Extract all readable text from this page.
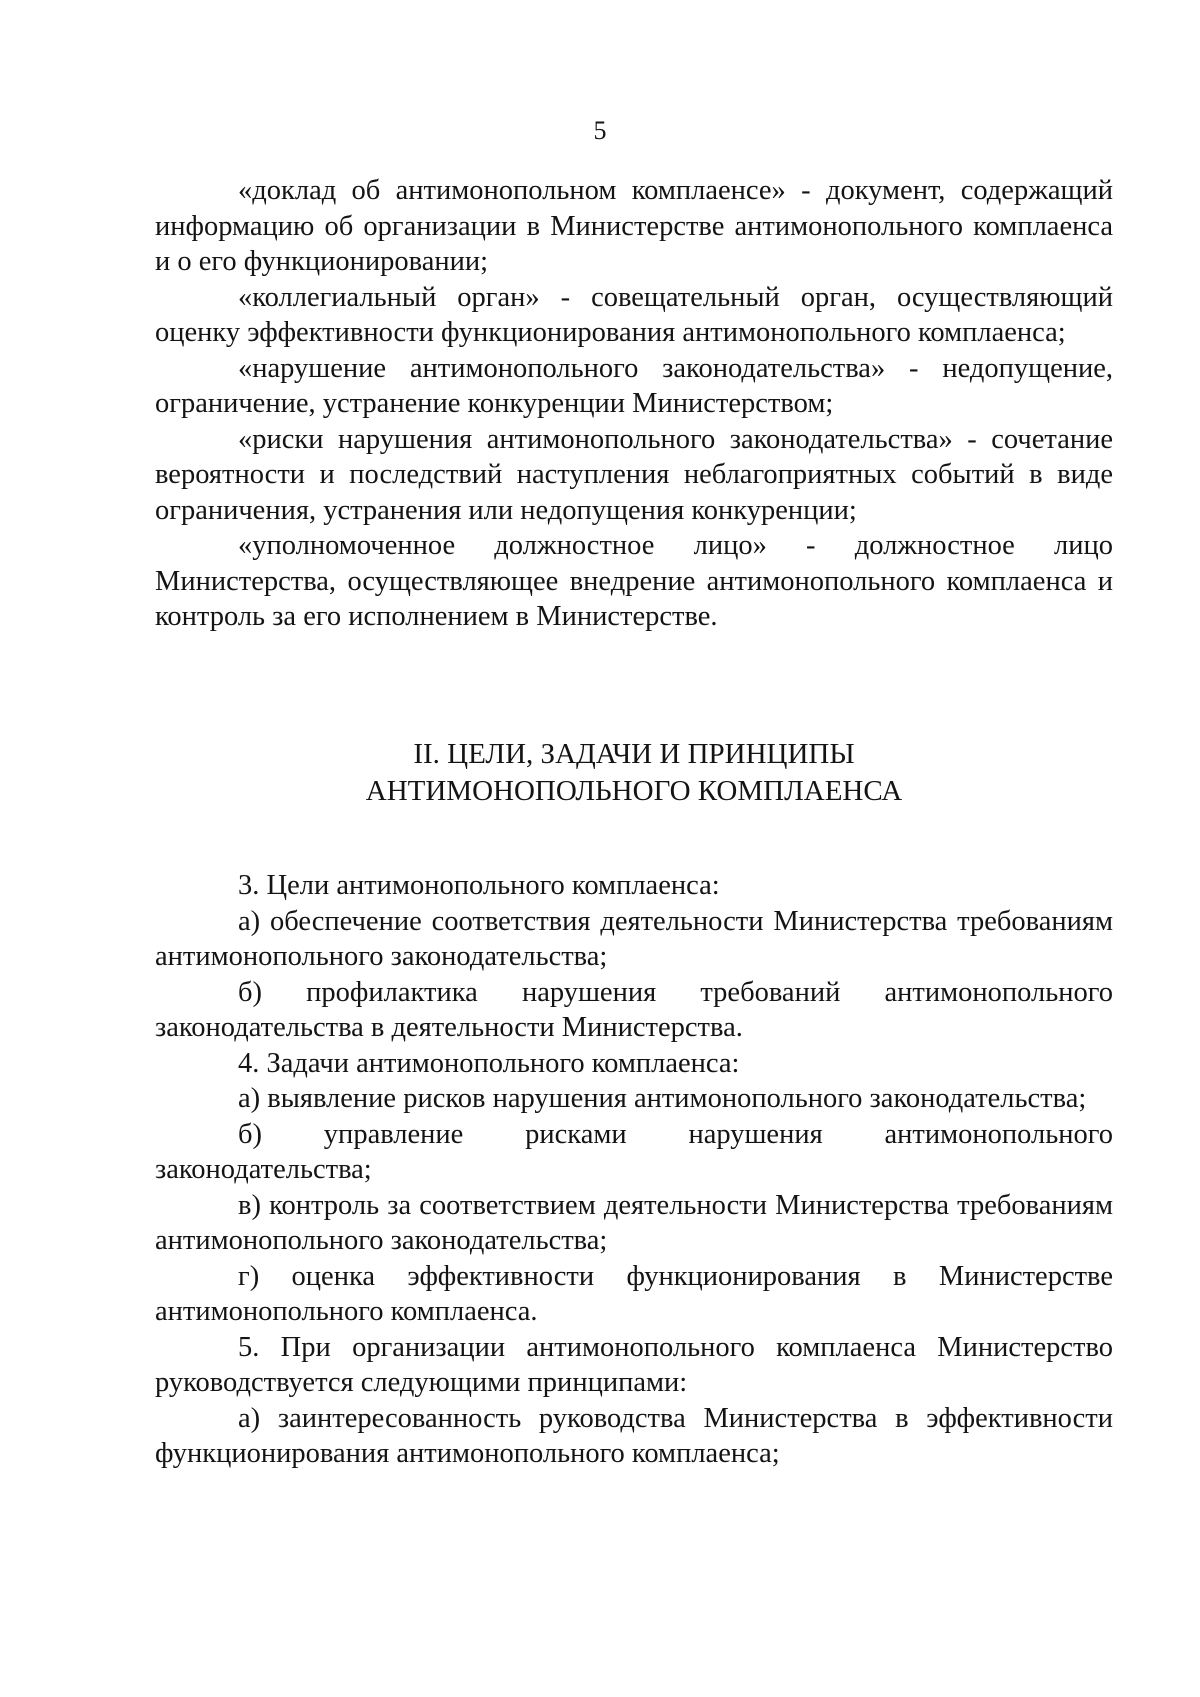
5

«доклад об антимонопольном комплаенсе» - документ, содержащий информацию об организации в Министерстве антимонопольного комплаенса и о его функционировании;

«коллегиальный орган» - совещательный орган, осуществляющий оценку эффективности функционирования антимонопольного комплаенса;

«нарушение антимонопольного законодательства» - недопущение, ограничение, устранение конкуренции Министерством;

«риски нарушения антимонопольного законодательства» - сочетание вероятности и последствий наступления неблагоприятных событий в виде ограничения, устранения или недопущения конкуренции;

«уполномоченное должностное лицо» - должностное лицо Министерства, осуществляющее внедрение антимонопольного комплаенса и контроль за его исполнением в Министерстве.

II. ЦЕЛИ, ЗАДАЧИ И ПРИНЦИПЫ
АНТИМОНОПОЛЬНОГО КОМПЛАЕНСА

3. Цели антимонопольного комплаенса:

а) обеспечение соответствия деятельности Министерства требованиям антимонопольного законодательства;

б) профилактика нарушения требований антимонопольного законодательства в деятельности Министерства.

4. Задачи антимонопольного комплаенса:

а) выявление рисков нарушения антимонопольного законодательства;

б) управление рисками нарушения антимонопольного законодательства;

в) контроль за соответствием деятельности Министерства требованиям антимонопольного законодательства;

г) оценка эффективности функционирования в Министерстве антимонопольного комплаенса.

5. При организации антимонопольного комплаенса Министерство руководствуется следующими принципами:

а) заинтересованность руководства Министерства в эффективности функционирования антимонопольного комплаенса;
